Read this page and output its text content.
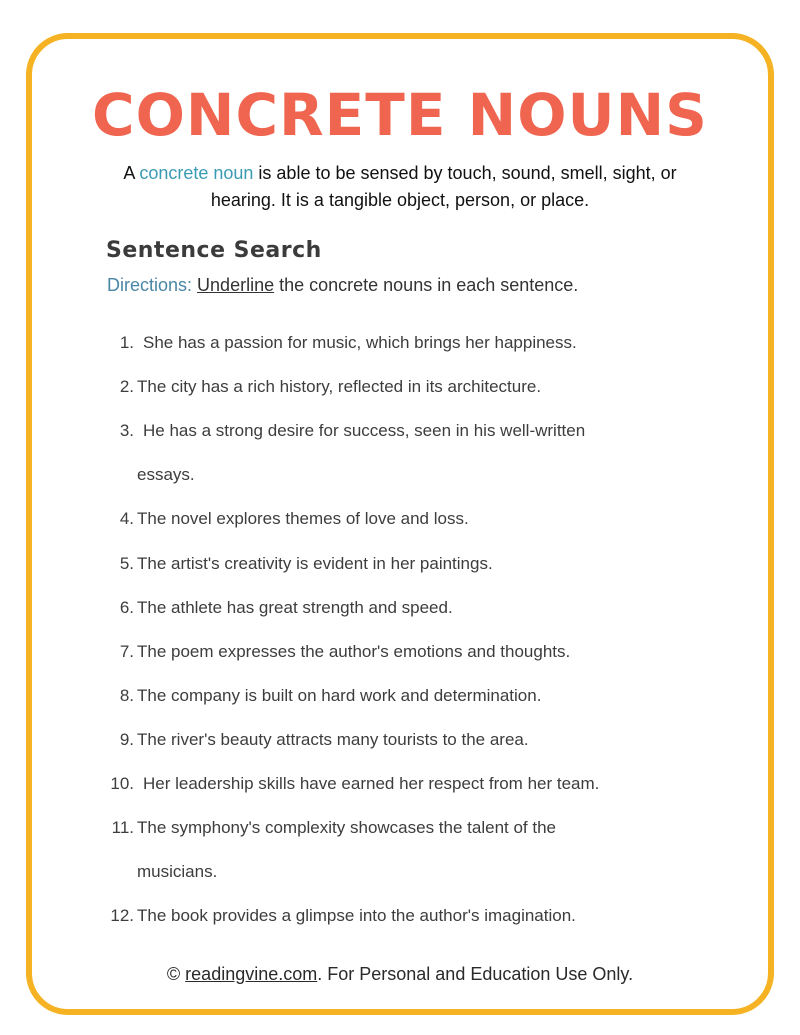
CONCRETE NOUNS

A concrete noun is able to be sensed by touch, sound, smell, sight, or hearing. It is a tangible object, person, or place.

Sentence Search

Directions: Underline the concrete nouns in each sentence.

1. She has a passion for music, which brings her happiness.
2. The city has a rich history, reflected in its architecture.
3. He has a strong desire for success, seen in his well-written
essays.
4. The novel explores themes of love and loss.
5. The artist's creativity is evident in her paintings.
6. The athlete has great strength and speed.
7. The poem expresses the author's emotions and thoughts.
8. The company is built on hard work and determination.
9. The river's beauty attracts many tourists to the area.
10. Her leadership skills have earned her respect from her team.
11. The symphony's complexity showcases the talent of the
musicians.
12. The book provides a glimpse into the author's imagination.

© readingvine.com. For Personal and Education Use Only.
